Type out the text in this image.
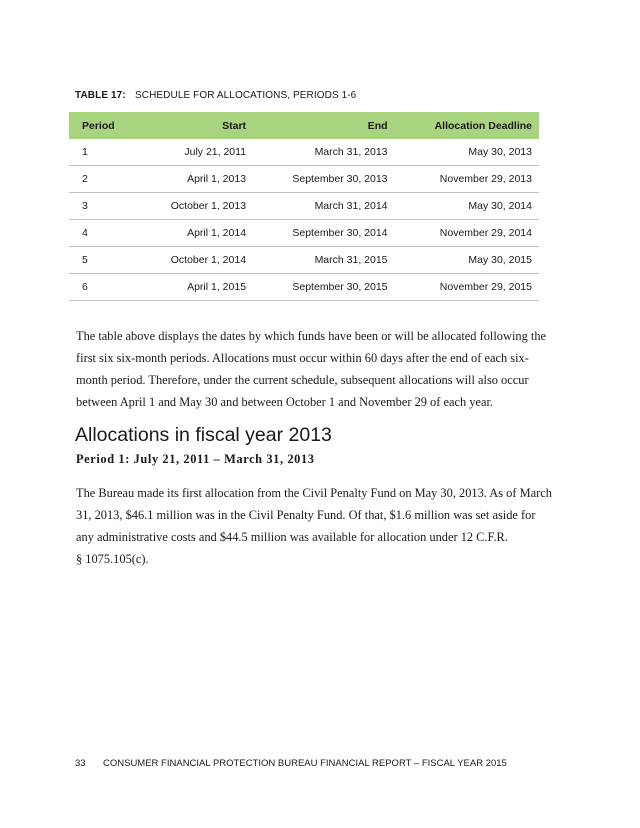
TABLE 17: SCHEDULE FOR ALLOCATIONS, PERIODS 1-6
Period	Start	End	Allocation Deadline
1	July 21, 2011	March 31, 2013	May 30, 2013
2	April 1, 2013	September 30, 2013	November 29, 2013
3	October 1, 2013	March 31, 2014	May 30, 2014
4	April 1, 2014	September 30, 2014	November 29, 2014
5	October 1, 2014	March 31, 2015	May 30, 2015
6	April 1, 2015	September 30, 2015	November 29, 2015

The table above displays the dates by which funds have been or will be allocated following the first six six-month periods. Allocations must occur within 60 days after the end of each six-month period. Therefore, under the current schedule, subsequent allocations will also occur between April 1 and May 30 and between October 1 and November 29 of each year.

Allocations in fiscal year 2013
Period 1: July 21, 2011 – March 31, 2013

The Bureau made its first allocation from the Civil Penalty Fund on May 30, 2013. As of March 31, 2013, $46.1 million was in the Civil Penalty Fund. Of that, $1.6 million was set aside for any administrative costs and $44.5 million was available for allocation under 12 C.F.R.

§ 1075.105(c).

33 CONSUMER FINANCIAL PROTECTION BUREAU FINANCIAL REPORT – FISCAL YEAR 2015
